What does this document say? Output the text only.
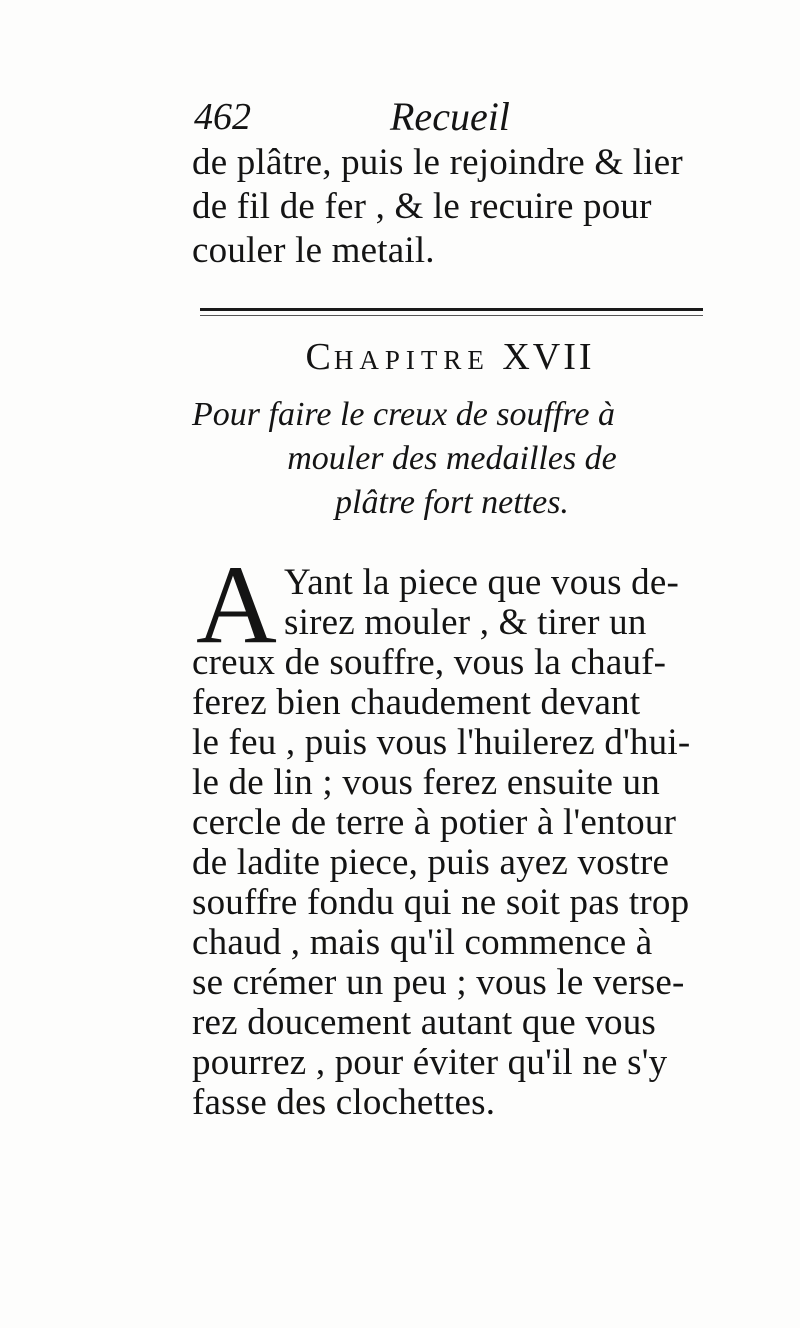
462	Recueil
de plâtre, puis le rejoindre & lier
de fil de fer , & le recuire pour
couler le metail.
Chapitre XVII
Pour faire le creux de souffre à
mouler des medailles de
plâtre fort nettes.
A Yant la piece que vous de-
sirez mouler , & tirer un
creux de souffre, vous la chauf-
ferez bien chaudement devant
le feu , puis vous l'huilerez d'hui-
le de lin ; vous ferez ensuite un
cercle de terre à potier à l'entour
de ladite piece, puis ayez vostre
souffre fondu qui ne soit pas trop
chaud , mais qu'il commence à
se crémer un peu ; vous le verse-
rez doucement autant que vous
pourrez , pour éviter qu'il ne s'y
fasse des clochettes.
